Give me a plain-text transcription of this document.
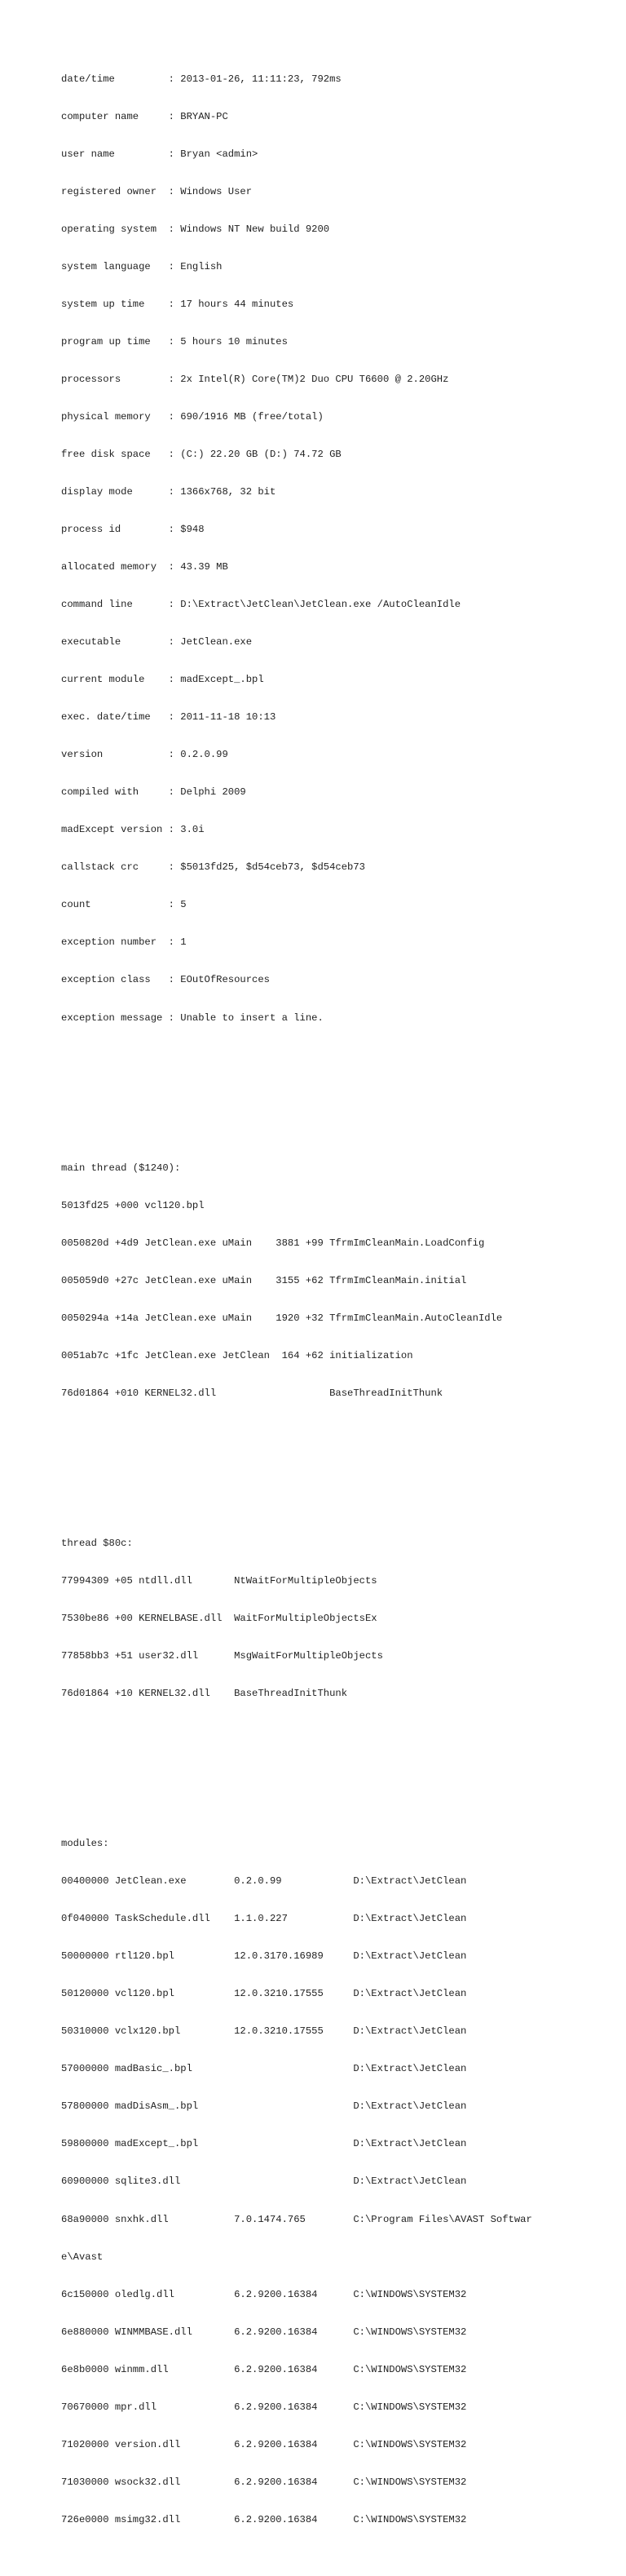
date/time         : 2013-01-26, 11:11:23, 792ms

computer name     : BRYAN-PC

user name         : Bryan <admin>

registered owner  : Windows User

operating system  : Windows NT New build 9200

system language   : English

system up time    : 17 hours 44 minutes

program up time   : 5 hours 10 minutes

processors        : 2x Intel(R) Core(TM)2 Duo CPU T6600 @ 2.20GHz

physical memory   : 690/1916 MB (free/total)

free disk space   : (C:) 22.20 GB (D:) 74.72 GB

display mode      : 1366x768, 32 bit

process id        : $948

allocated memory  : 43.39 MB

command line      : D:\Extract\JetClean\JetClean.exe /AutoCleanIdle

executable        : JetClean.exe

current module    : madExcept_.bpl

exec. date/time   : 2011-11-18 10:13

version           : 0.2.0.99

compiled with     : Delphi 2009

madExcept version : 3.0i

callstack crc     : $5013fd25, $d54ceb73, $d54ceb73

count             : 5

exception number  : 1

exception class   : EOutOfResources

exception message : Unable to insert a line.

main thread ($1240):

5013fd25 +000 vcl120.bpl

0050820d +4d9 JetClean.exe uMain    3881 +99 TfrmImCleanMain.LoadConfig

005059d0 +27c JetClean.exe uMain    3155 +62 TfrmImCleanMain.initial

0050294a +14a JetClean.exe uMain    1920 +32 TfrmImCleanMain.AutoCleanIdle

0051ab7c +1fc JetClean.exe JetClean  164 +62 initialization

76d01864 +010 KERNEL32.dll                   BaseThreadInitThunk

thread $80c:

77994309 +05 ntdll.dll       NtWaitForMultipleObjects

7530be86 +00 KERNELBASE.dll  WaitForMultipleObjectsEx

77858bb3 +51 user32.dll      MsgWaitForMultipleObjects

76d01864 +10 KERNEL32.dll    BaseThreadInitThunk

modules:

00400000 JetClean.exe        0.2.0.99            D:\Extract\JetClean

0f040000 TaskSchedule.dll    1.1.0.227           D:\Extract\JetClean

50000000 rtl120.bpl          12.0.3170.16989     D:\Extract\JetClean

50120000 vcl120.bpl          12.0.3210.17555     D:\Extract\JetClean

50310000 vclx120.bpl         12.0.3210.17555     D:\Extract\JetClean

57000000 madBasic_.bpl                           D:\Extract\JetClean

57800000 madDisAsm_.bpl                          D:\Extract\JetClean

59800000 madExcept_.bpl                          D:\Extract\JetClean

60900000 sqlite3.dll                             D:\Extract\JetClean

68a90000 snxhk.dll           7.0.1474.765        C:\Program Files\AVAST Softwar

e\Avast

6c150000 oledlg.dll          6.2.9200.16384      C:\WINDOWS\SYSTEM32

6e880000 WINMMBASE.dll       6.2.9200.16384      C:\WINDOWS\SYSTEM32

6e8b0000 winmm.dll           6.2.9200.16384      C:\WINDOWS\SYSTEM32

70670000 mpr.dll             6.2.9200.16384      C:\WINDOWS\SYSTEM32

71020000 version.dll         6.2.9200.16384      C:\WINDOWS\SYSTEM32

71030000 wsock32.dll         6.2.9200.16384      C:\WINDOWS\SYSTEM32

726e0000 msimg32.dll         6.2.9200.16384      C:\WINDOWS\SYSTEM32
